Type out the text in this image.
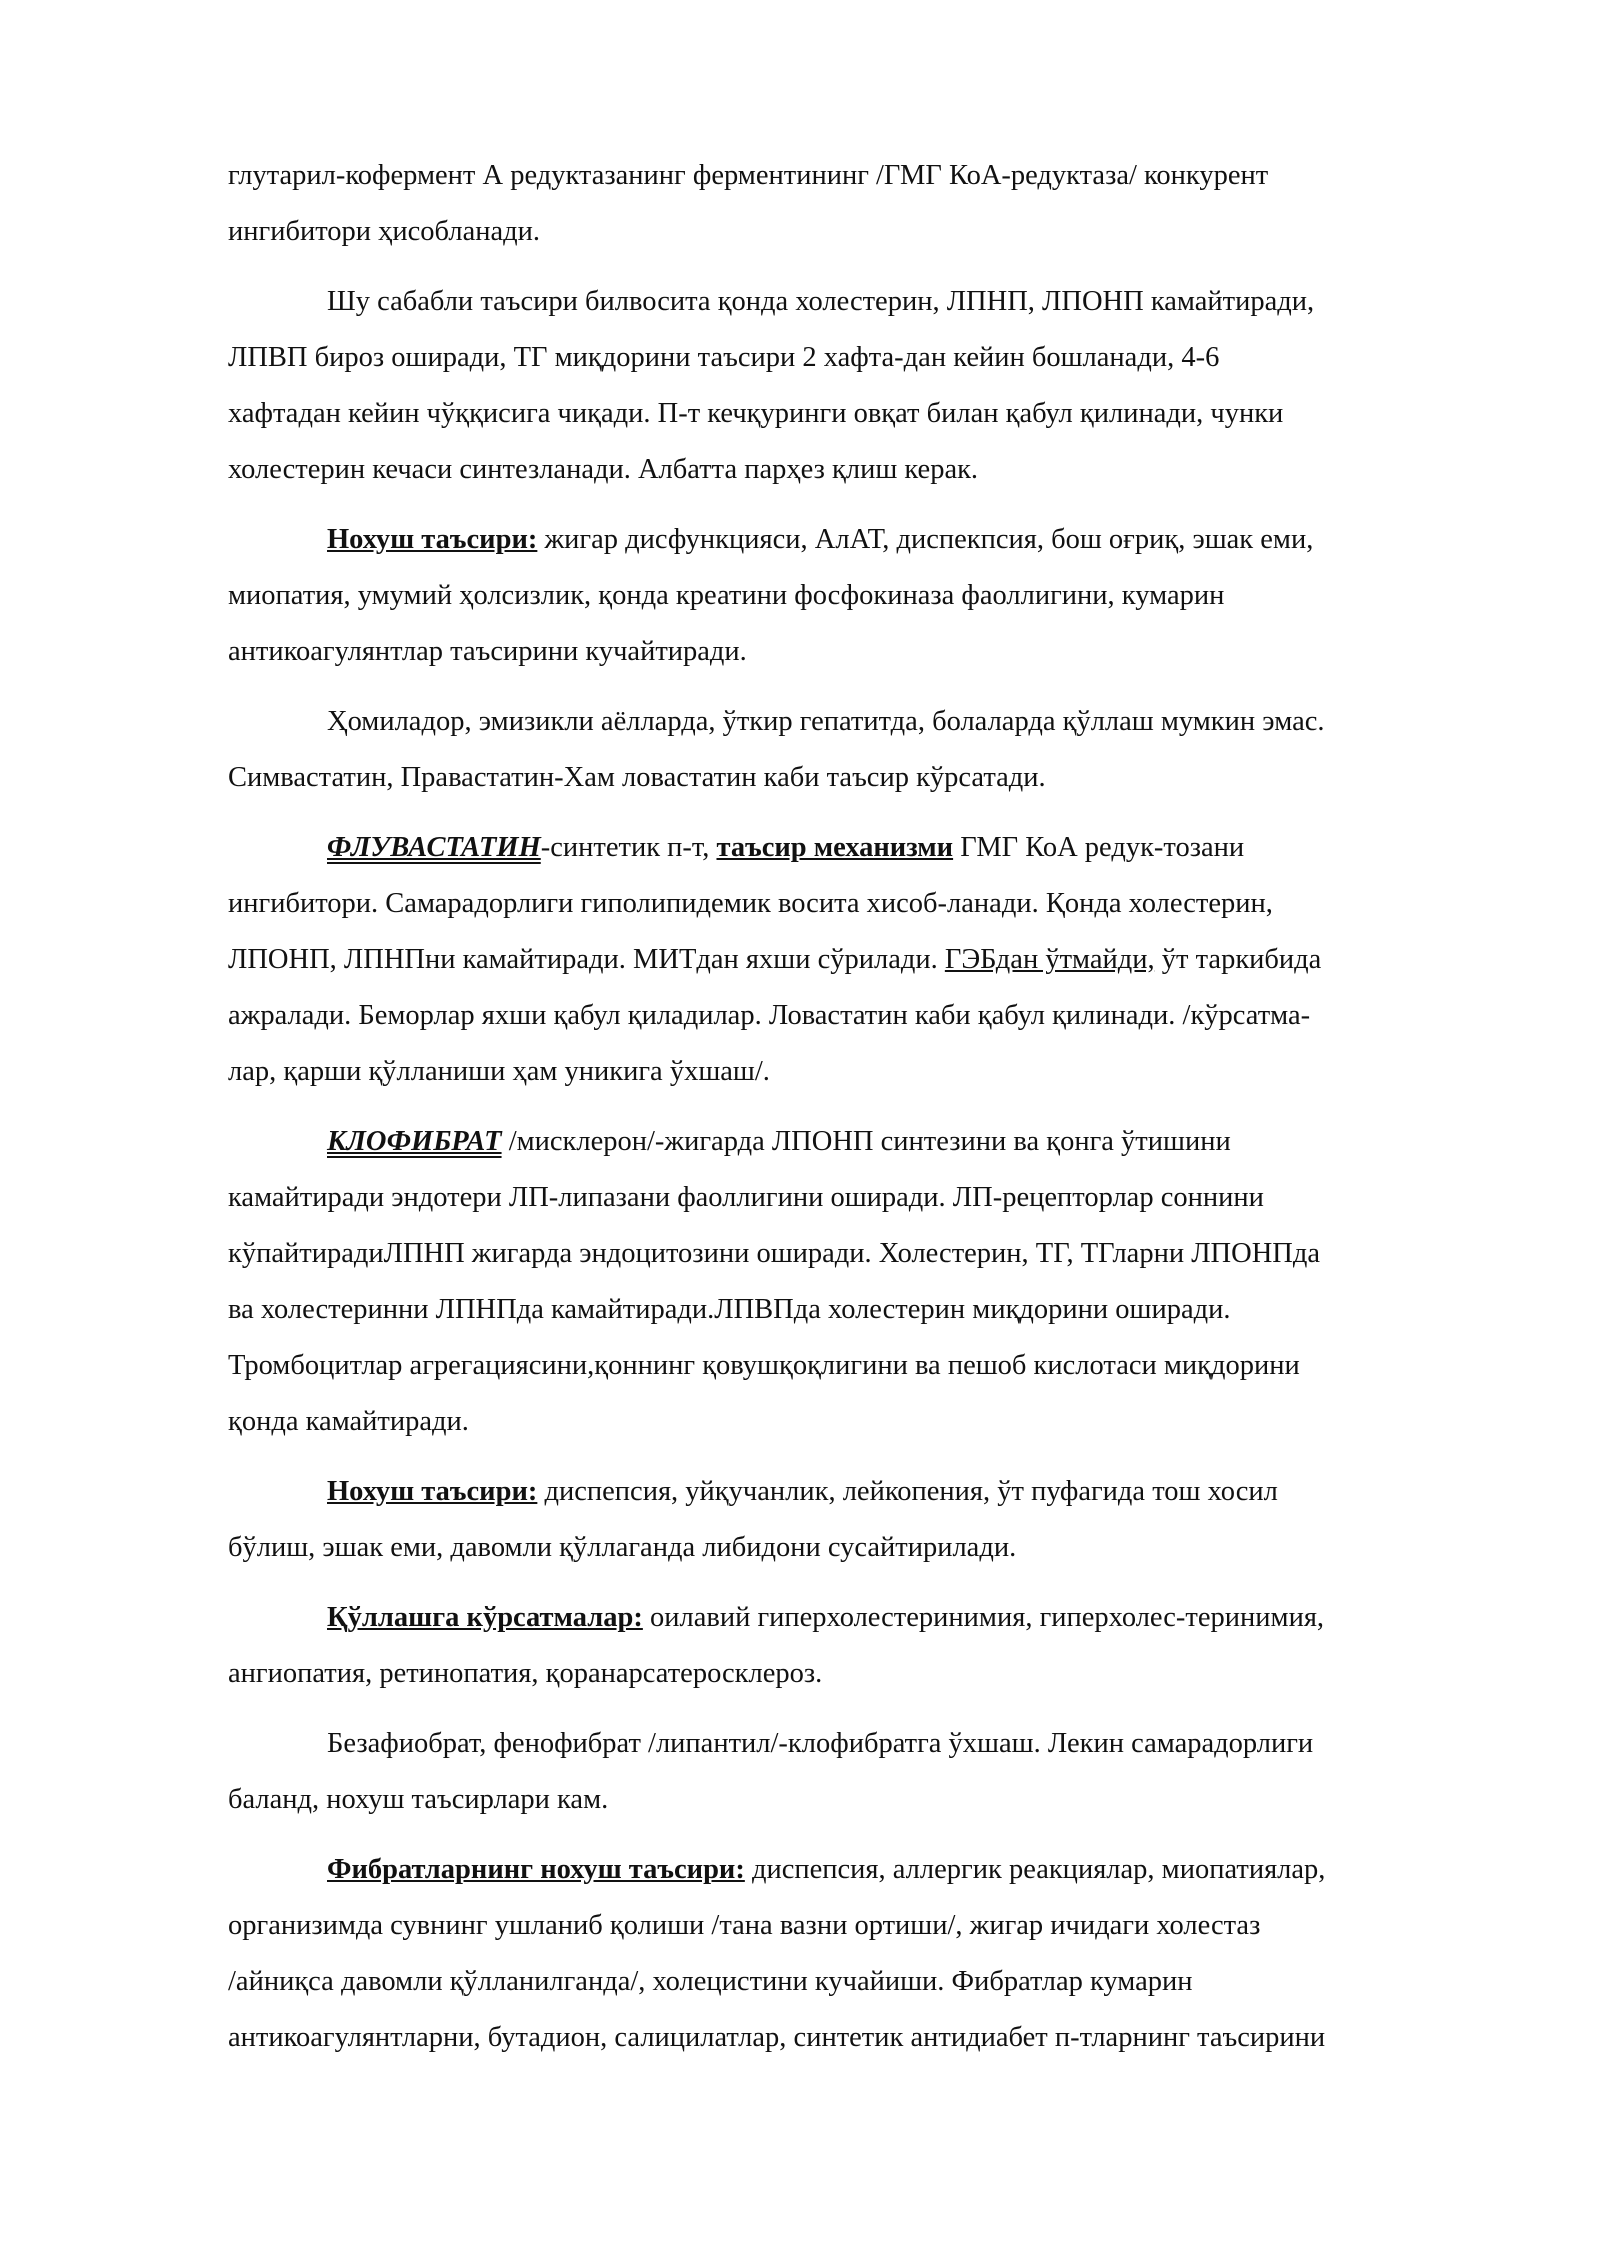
глутарил-кофермент А редуктазанинг ферментининг /ГМГ КоА-редуктаза/ конкурент
ингибитори ҳисобланади.

Шу сабабли таъсири билвосита қонда холестерин, ЛПНП, ЛПОНП камайтиради,
ЛПВП бироз оширади, ТГ миқдорини таъсири 2 хафта-дан кейин бошланади, 4-6
хафтадан кейин чўққисига чиқади. П-т кечқуринги овқат билан қабул қилинади, чунки
холестерин кечаси синтезланади. Албатта парҳез қлиш керак.

Нохуш таъсири: жигар дисфункцияси, АлАТ, диспекпсия, бош оғриқ, эшак еми,
миопатия, умумий ҳолсизлик, қонда креатини фосфокиназа фаоллигини, кумарин
антикоагулянтлар таъсирини кучайтиради.

Ҳомиладор, эмизикли аёлларда, ўткир гепатитда, болаларда қўллаш мумкин эмас.
Симвастатин, Правастатин-Хам ловастатин каби таъсир кўрсатади.

ФЛУВАСТАТИН-синтетик п-т, таъсир механизми ГМГ КоА редук-тозани
ингибитори. Самарадорлиги гиполипидемик восита хисоб-ланади. Қонда холестерин,
ЛПОНП, ЛПНПни камайтиради. МИТдан яхши сўрилади. ГЭБдан ўтмайди, ўт таркибида
ажралади. Беморлар яхши қабул қиладилар. Ловастатин каби қабул қилинади. /кўрсатма-
лар, қарши қўлланиши ҳам уникига ўхшаш/.

КЛОФИБРАТ /мисклерон/-жигарда ЛПОНП синтезини ва қонга ўтишини
камайтиради эндотери ЛП-липазани фаоллигини оширади. ЛП-рецепторлар соннини
кўпайтирадиЛПНП жигарда эндоцитозини оширади. Холестерин, ТГ, ТГларни ЛПОНПда
ва холестеринни ЛПНПда камайтиради.ЛПВПда холестерин миқдорини оширади.
Тромбоцитлар агрегациясини,қоннинг қовушқоқлигини ва пешоб кислотаси миқдорини
қонда камайтиради.

Нохуш таъсири: диспепсия, уйқучанлик, лейкопения, ўт пуфагида тош хосил
бўлиш, эшак еми, давомли қўллаганда либидони сусайтирилади.

Қўллашга кўрсатмалар: оилавий гиперхолестеринимия, гиперхолес-теринимия,
ангиопатия, ретинопатия, қоранарсатеросклероз.

Безафиобрат, фенофибрат /липантил/-клофибратга ўхшаш. Лекин самарадорлиги
баланд, нохуш таъсирлари кам.

Фибратларнинг нохуш таъсири: диспепсия, аллергик реакциялар, миопатиялар,
организимда сувнинг ушланиб қолиши /тана вазни ортиши/, жигар ичидаги холестаз
/айниқса давомли қўлланилганда/, холецистини кучайиши. Фибратлар кумарин
антикоагулянтларни, бутадион, салицилатлар, синтетик антидиабет п-тларнинг таъсирини
